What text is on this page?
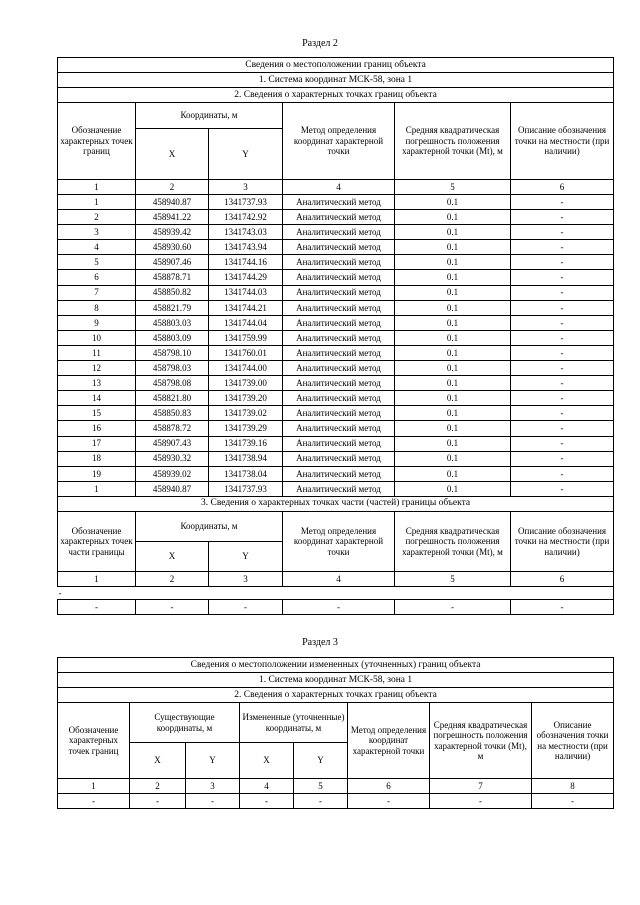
Раздел 2
Сведения о местоположении границ объекта					
1. Система координат МСК-58, зона 1					
2. Сведения о характерных точках границ объекта					
Обозначение характерных точек границ	Координаты, м		Метод определения координат характерной точки	Средняя квадратическая погрешность положения характерной точки (Mt), м	Описание обозначения точки на местности (при наличии)
	X	Y			
1	2	3	4	5	6
1	458940.87	1341737.93	Аналитический метод	0.1	-
2	458941.22	1341742.92	Аналитический метод	0.1	-
3	458939.42	1341743.03	Аналитический метод	0.1	-
4	458930.60	1341743.94	Аналитический метод	0.1	-
5	458907.46	1341744.16	Аналитический метод	0.1	-
6	458878.71	1341744.29	Аналитический метод	0.1	-
7	458850.82	1341744.03	Аналитический метод	0.1	-
8	458821.79	1341744.21	Аналитический метод	0.1	-
9	458803.03	1341744.04	Аналитический метод	0.1	-
10	458803.09	1341759.99	Аналитический метод	0.1	-
11	458798.10	1341760.01	Аналитический метод	0.1	-
12	458798.03	1341744.00	Аналитический метод	0.1	-
13	458798.08	1341739.00	Аналитический метод	0.1	-
14	458821.80	1341739.20	Аналитический метод	0.1	-
15	458850.83	1341739.02	Аналитический метод	0.1	-
16	458878.72	1341739.29	Аналитический метод	0.1	-
17	458907.43	1341739.16	Аналитический метод	0.1	-
18	458930.32	1341738.94	Аналитический метод	0.1	-
19	458939.02	1341738.04	Аналитический метод	0.1	-
1	458940.87	1341737.93	Аналитический метод	0.1	-
3. Сведения о характерных точках части (частей) границы объекта					
Обозначение характерных точек части границы	Координаты, м		Метод определения координат характерной точки	Средняя квадратическая погрешность положения характерной точки (Mt), м	Описание обозначения точки на местности (при наличии)
	X	Y			
1	2	3	4	5	6
-					
-	-	-	-	-	-
Раздел 3
Сведения о местоположении измененных (уточненных) границ объекта							
1. Система координат МСК-58, зона 1							
2. Сведения о характерных точках границ объекта							
Обозначение характерных точек границ	Существующие координаты, м		Измененные (уточненные) координаты, м		Метод определения координат характерной точки	Средняя квадратическая погрешность положения характерной точки (Mt), м	Описание обозначения точки на местности (при наличии)
	X	Y	X	Y			
1	2	3	4	5	6	7	8
-	-	-	-	-	-	-	-
